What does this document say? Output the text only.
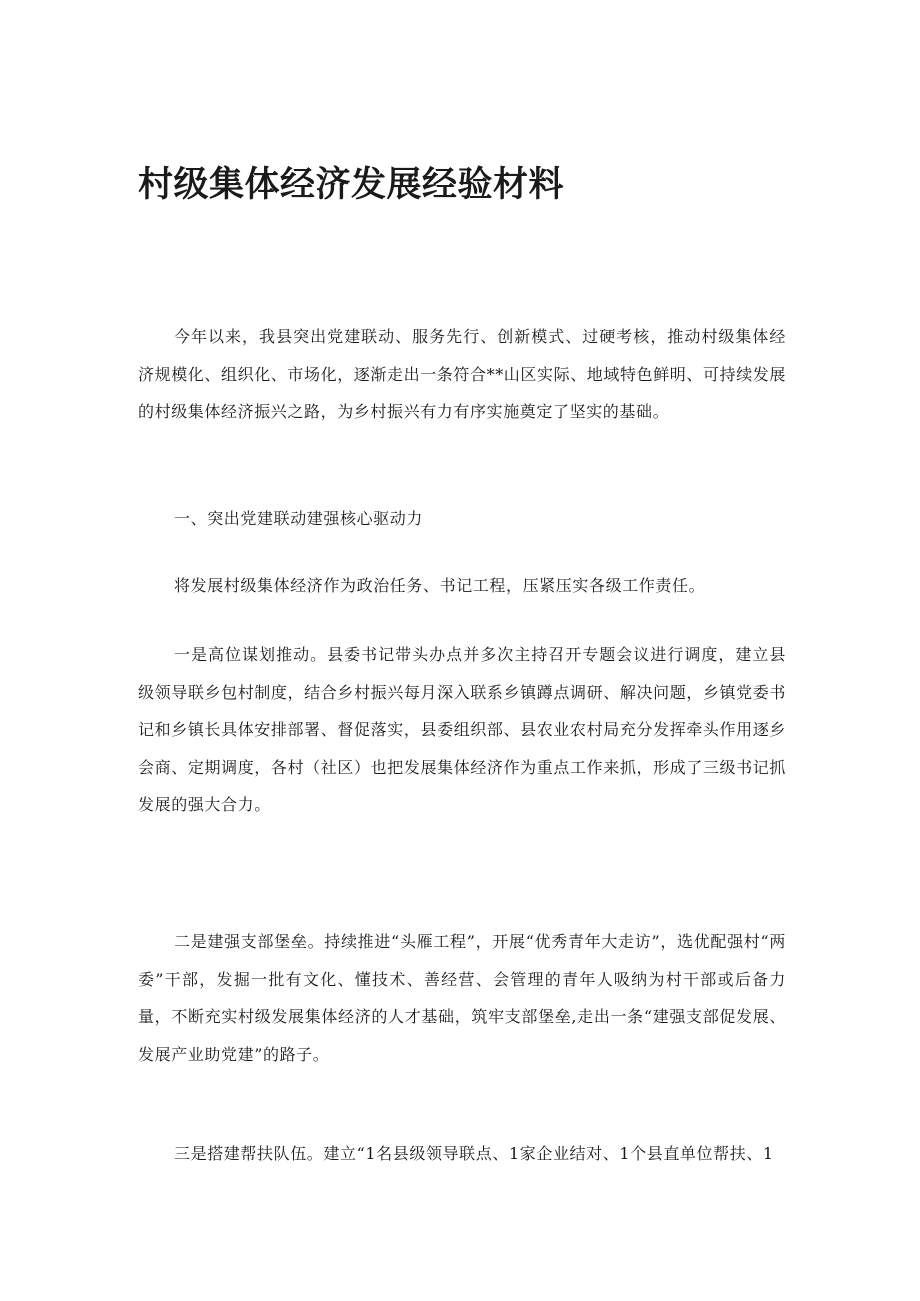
村级集体经济发展经验材料

今年以来，我县突出党建联动、服务先行、创新模式、过硬考核，推动村级集体经济规模化、组织化、市场化，逐渐走出一条符合**山区实际、地域特色鲜明、可持续发展的村级集体经济振兴之路，为乡村振兴有力有序实施奠定了坚实的基础。

一、突出党建联动建强核心驱动力

将发展村级集体经济作为政治任务、书记工程，压紧压实各级工作责任。

一是高位谋划推动。县委书记带头办点并多次主持召开专题会议进行调度，建立县级领导联乡包村制度，结合乡村振兴每月深入联系乡镇蹲点调研、解决问题，乡镇党委书记和乡镇长具体安排部署、督促落实，县委组织部、县农业农村局充分发挥牵头作用逐乡会商、定期调度，各村（社区）也把发展集体经济作为重点工作来抓，形成了三级书记抓发展的强大合力。

二是建强支部堡垒。持续推进“头雁工程”，开展“优秀青年大走访”，选优配强村“两委”干部，发掘一批有文化、懂技术、善经营、会管理的青年人吸纳为村干部或后备力量，不断充实村级发展集体经济的人才基础，筑牢支部堡垒,走出一条“建强支部促发展、发展产业助党建”的路子。

三是搭建帮扶队伍。建立“1名县级领导联点、1家企业结对、1个县直单位帮扶、1
